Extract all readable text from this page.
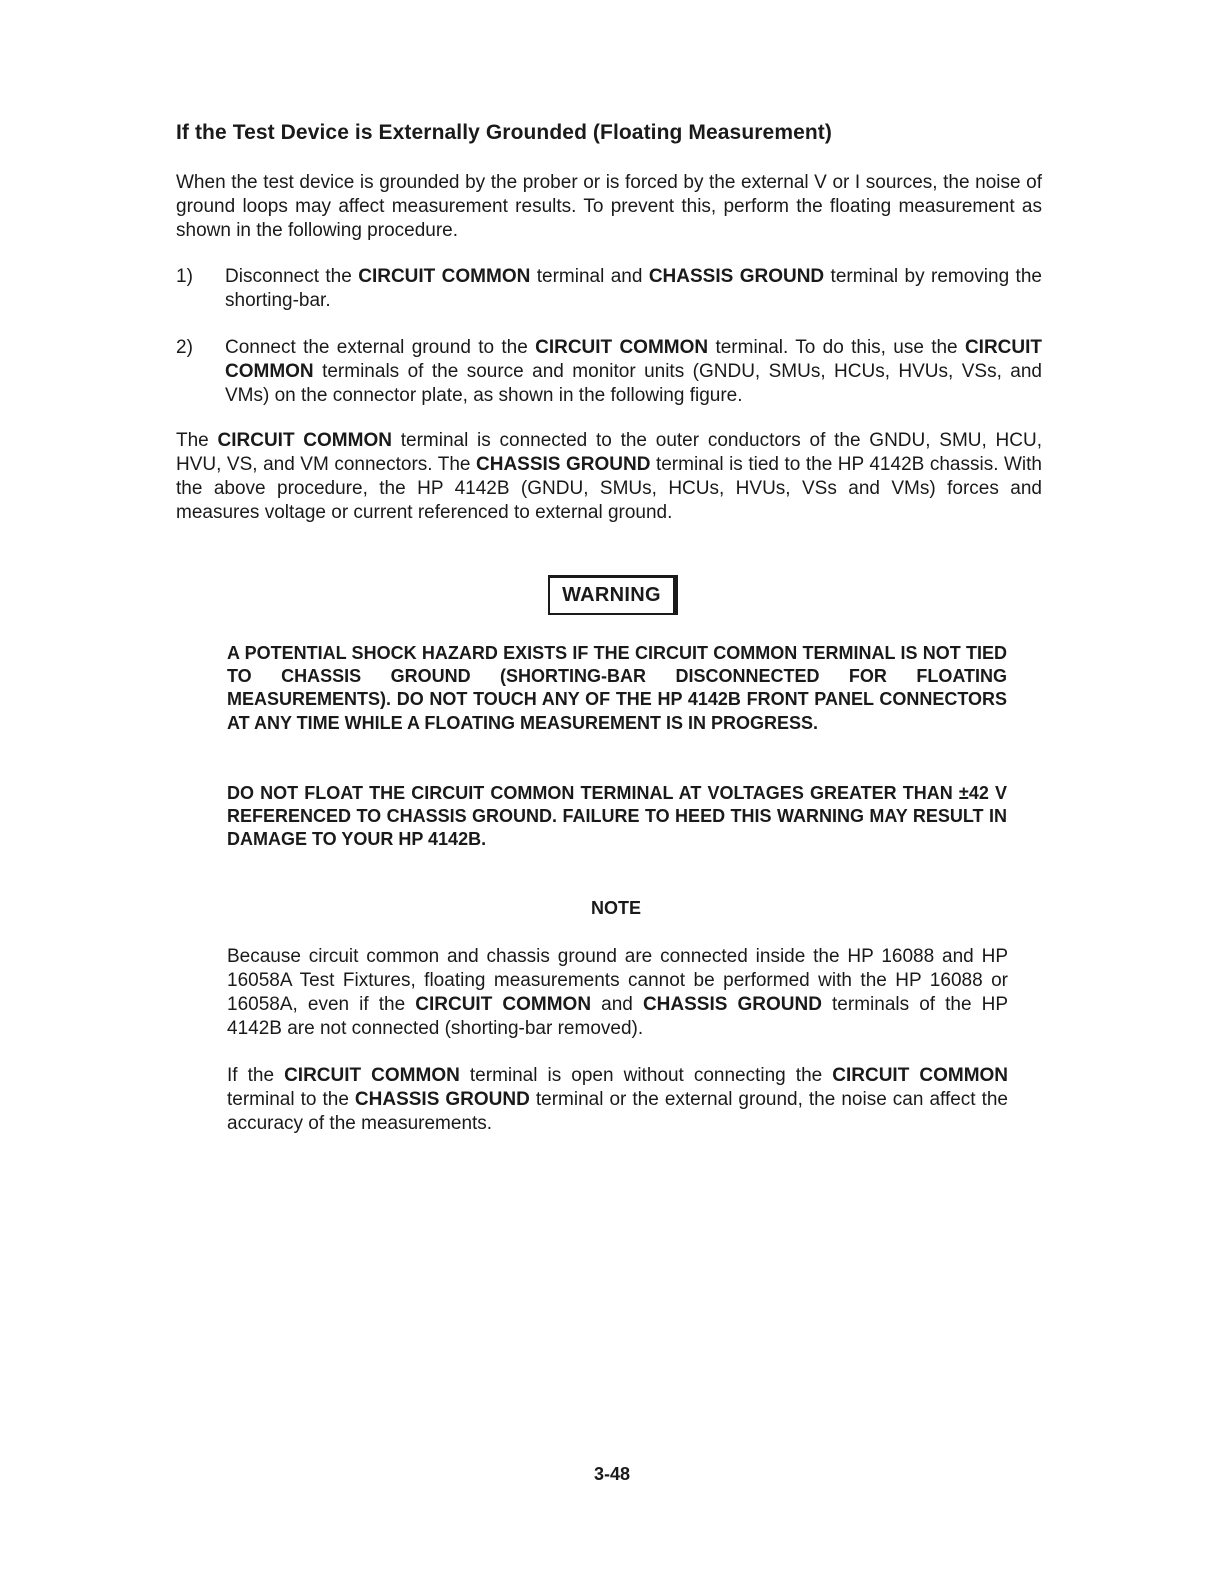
If the Test Device is Externally Grounded (Floating Measurement)

When the test device is grounded by the prober or is forced by the external V or I sources, the noise of ground loops may affect measurement results. To prevent this, perform the floating measurement as shown in the following procedure.

1)	Disconnect the CIRCUIT COMMON terminal and CHASSIS GROUND terminal by removing the shorting-bar.

2)	Connect the external ground to the CIRCUIT COMMON terminal. To do this, use the CIRCUIT COMMON terminals of the source and monitor units (GNDU, SMUs, HCUs, HVUs, VSs, and VMs) on the connector plate, as shown in the following figure.

The CIRCUIT COMMON terminal is connected to the outer conductors of the GNDU, SMU, HCU, HVU, VS, and VM connectors. The CHASSIS GROUND terminal is tied to the HP 4142B chassis. With the above procedure, the HP 4142B (GNDU, SMUs, HCUs, HVUs, VSs and VMs) forces and measures voltage or current referenced to external ground.

WARNING

A POTENTIAL SHOCK HAZARD EXISTS IF THE CIRCUIT COMMON TERMINAL IS NOT TIED TO CHASSIS GROUND (SHORTING-BAR DISCONNECTED FOR FLOATING MEASUREMENTS). DO NOT TOUCH ANY OF THE HP 4142B FRONT PANEL CONNECTORS AT ANY TIME WHILE A FLOATING MEASUREMENT IS IN PROGRESS.

DO NOT FLOAT THE CIRCUIT COMMON TERMINAL AT VOLTAGES GREATER THAN ±42 V REFERENCED TO CHASSIS GROUND. FAILURE TO HEED THIS WARNING MAY RESULT IN DAMAGE TO YOUR HP 4142B.

NOTE

Because circuit common and chassis ground are connected inside the HP 16088 and HP 16058A Test Fixtures, floating measurements cannot be performed with the HP 16088 or 16058A, even if the CIRCUIT COMMON and CHASSIS GROUND terminals of the HP 4142B are not connected (shorting-bar removed).

If the CIRCUIT COMMON terminal is open without connecting the CIRCUIT COMMON terminal to the CHASSIS GROUND terminal or the external ground, the noise can affect the accuracy of the measurements.

3-48
